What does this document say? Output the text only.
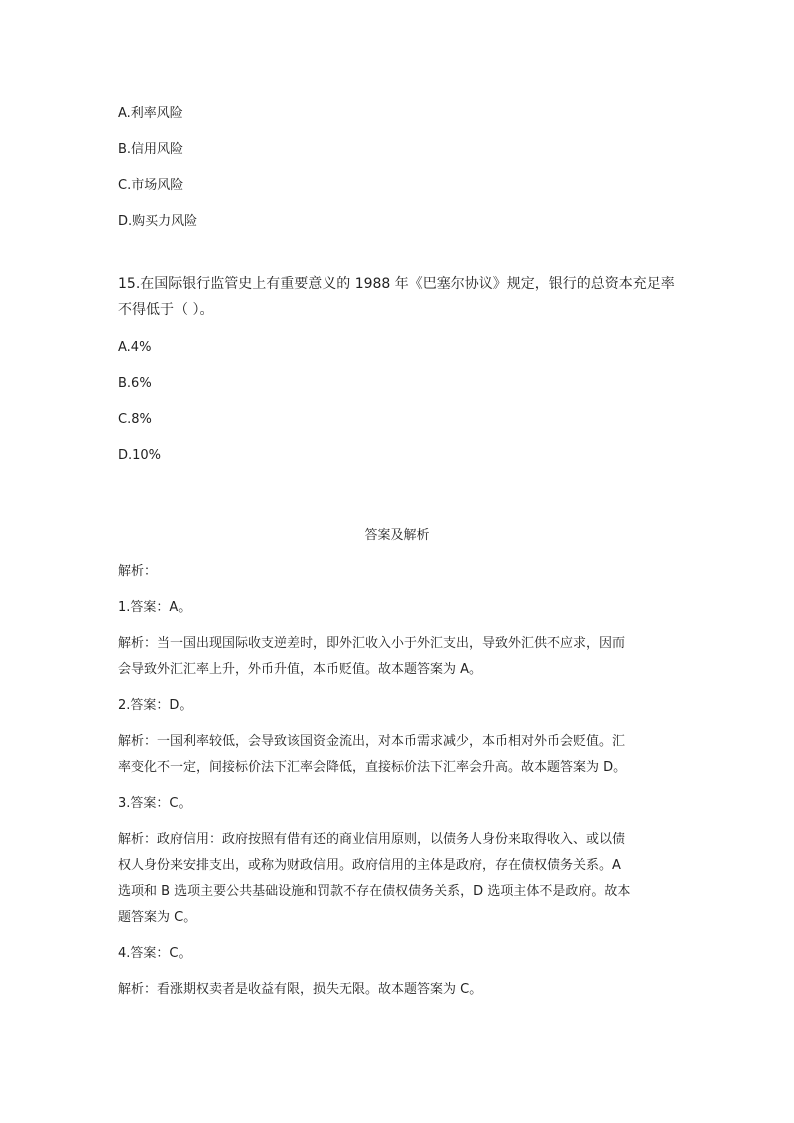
A.利率风险
B.信用风险
C.市场风险
D.购买力风险
15.在国际银行监管史上有重要意义的 1988 年《巴塞尔协议》规定，银行的总资本充足率
不得低于（ ）。
A.4%
B.6%
C.8%
D.10%
答案及解析
解析：
1.答案：A。
解析：当一国出现国际收支逆差时，即外汇收入小于外汇支出，导致外汇供不应求，因而
会导致外汇汇率上升，外币升值，本币贬值。故本题答案为 A。
2.答案：D。
解析：一国利率较低，会导致该国资金流出，对本币需求减少，本币相对外币会贬值。汇
率变化不一定，间接标价法下汇率会降低，直接标价法下汇率会升高。故本题答案为 D。
3.答案：C。
解析：政府信用：政府按照有借有还的商业信用原则，以债务人身份来取得收入、或以债
权人身份来安排支出，或称为财政信用。政府信用的主体是政府，存在债权债务关系。A
选项和 B 选项主要公共基础设施和罚款不存在债权债务关系，D 选项主体不是政府。故本
题答案为 C。
4.答案：C。
解析：看涨期权卖者是收益有限，损失无限。故本题答案为 C。
